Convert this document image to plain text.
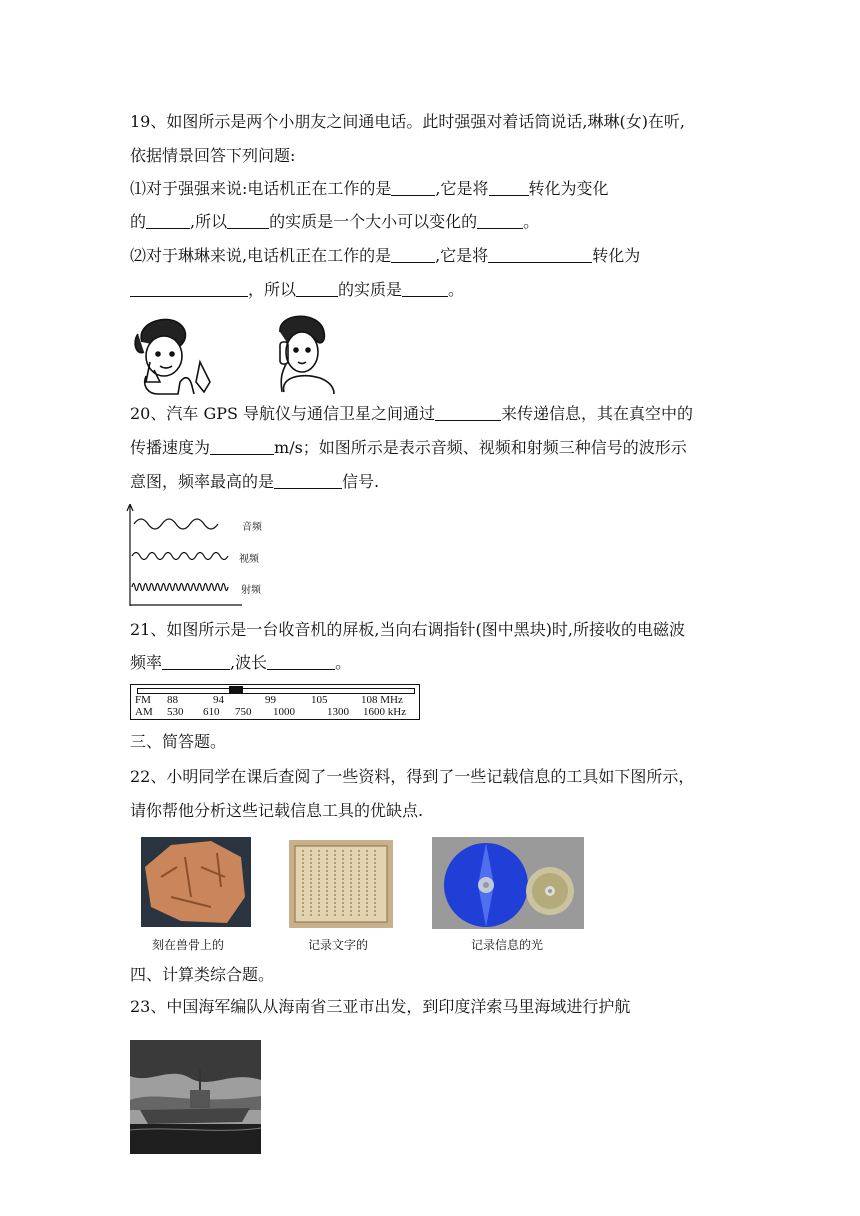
19、如图所示是两个小朋友之间通电话。此时强强对着话筒说话,琳琳(女)在听,
依据情景回答下列问题:
⑴对于强强来说:电话机正在工作的是	,它是将	转化为变化
的	,所以	的实质是一个大小可以变化的	。
⑵对于琳琳来说,电话机正在工作的是	,它是将	转化为
，所以	的实质是	。
20、汽车 GPS 导航仪与通信卫星之间通过	来传递信息，其在真空中的
传播速度为	m/s；如图所示是表示音频、视频和射频三种信号的波形示
意图，频率最高的是	信号.
音频
视频
射频
21、如图所示是一台收音机的屏板,当向右调指针(图中黑块)时,所接收的电磁波
频率	,波长	。
FM 88	94	99	105	108 MHz
AM 530 610 750 1000	1300 1600 kHz
三、简答题。
22、小明同学在课后查阅了一些资料，得到了一些记载信息的工具如下图所示，
请你帮他分析这些记载信息工具的优缺点.
刻在兽骨上的	记录文字的	记录信息的光
四、计算类综合题。
23、中国海军编队从海南省三亚市出发，到印度洋索马里海域进行护航
